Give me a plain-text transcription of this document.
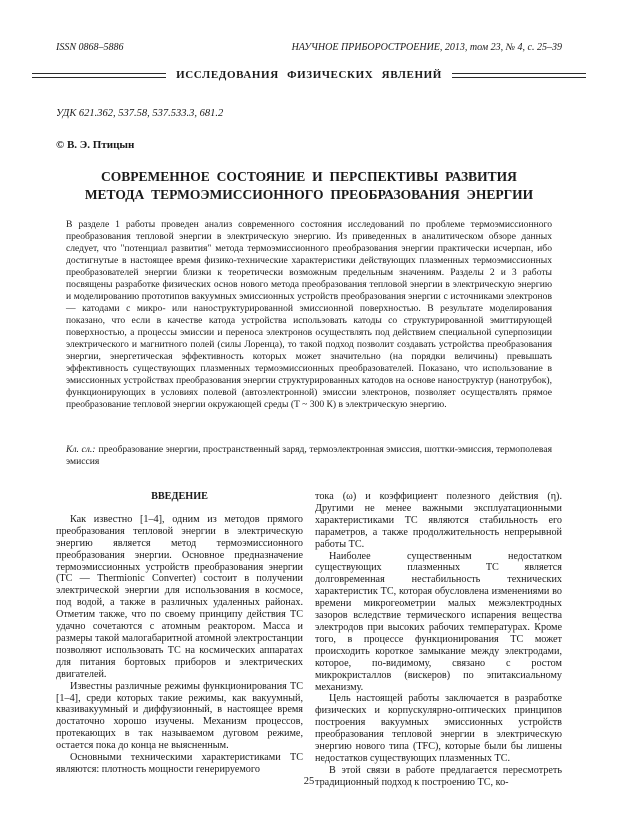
ISSN 0868–5886	НАУЧНОЕ ПРИБОРОСТРОЕНИЕ, 2013, том 23, № 4, с. 25–39
ИССЛЕДОВАНИЯ ФИЗИЧЕСКИХ ЯВЛЕНИЙ
УДК 621.362, 537.58, 537.533.3, 681.2
© В. Э. Птицын
СОВРЕМЕННОЕ СОСТОЯНИЕ И ПЕРСПЕКТИВЫ РАЗВИТИЯ
МЕТОДА ТЕРМОЭМИССИОННОГО ПРЕОБРАЗОВАНИЯ ЭНЕРГИИ
В разделе 1 работы проведен анализ современного состояния исследований по проблеме термоэмиссионного преобразования тепловой энергии в электрическую энергию. Из приведенных в аналитическом обзоре данных следует, что "потенциал развития" метода термоэмиссионного преобразования энергии практически исчерпан, ибо достигнутые в настоящее время физико-технические характеристики действующих плазменных термоэмиссионных преобразователей энергии близки к теоретически возможным предельным значениям. Разделы 2 и 3 работы посвящены разработке физических основ нового метода преобразования тепловой энергии в электрическую энергию и моделированию прототипов вакуумных эмиссионных устройств преобразования энергии с источниками электронов — катодами с микро- или наноструктурированной эмиссионной поверхностью. В результате моделирования показано, что если в качестве катода устройства использовать катоды со структурированной эмиттирующей поверхностью, а процессы эмиссии и переноса электронов осуществлять под действием специальной суперпозиции электрического и магнитного полей (силы Лоренца), то такой подход позволит создавать устройства преобразования энергии, энергетическая эффективность которых может значительно (на порядки величины) превышать эффективность существующих плазменных термоэмиссионных преобразователей. Показано, что использование в эмиссионных устройствах преобразования энергии структурированных катодов на основе наноструктур (нанотрубок), функционирующих в условиях полевой (автоэлектронной) эмиссии электронов, позволяет осуществлять прямое преобразование тепловой энергии окружающей среды (T ~ 300 К) в электрическую энергию.
Кл. сл.: преобразование энергии, пространственный заряд, термоэлектронная эмиссия, шоттки-эмиссия, термополевая эмиссия
ВВЕДЕНИЕ

Как известно [1–4], одним из методов прямого преобразования тепловой энергии в электрическую энергию является метод термоэмиссионного преобразования энергии. Основное предназначение термоэмиссионных устройств преобразования энергии (ТС — Thermionic Converter) состоит в получении электрической энергии для использования в космосе, под водой, а также в различных удаленных районах. Отметим также, что по своему принципу действия ТС удачно сочетаются с атомным реактором. Масса и размеры такой малогабаритной атомной электростанции позволяют использовать ТС на космических аппаратах для питания бортовых приборов и электрических двигателей.

Известны различные режимы функционирования ТС [1–4], среди которых такие режимы, как вакуумный, квазивакуумный и диффузионный, в настоящее время достаточно хорошо изучены. Механизм процессов, протекающих в так называемом дуговом режиме, остается пока до конца не выясненным.

Основными техническими характеристиками ТС являются: плотность мощности генерируемого

тока (ω) и коэффициент полезного действия (η). Другими не менее важными эксплуатационными характеристиками ТС являются стабильность его параметров, а также продолжительность непрерывной работы ТС.

Наиболее существенным недостатком существующих плазменных ТС является долговременная нестабильность технических характеристик ТС, которая обусловлена изменениями во времени микрогеометрии малых межэлектродных зазоров вследствие термического испарения вещества электродов при высоких рабочих температурах. Кроме того, в процессе функционирования ТС может происходить короткое замыкание между электродами, которое, по-видимому, связано с ростом микрокристаллов (вискеров) по эпитаксиальному механизму.

Цель настоящей работы заключается в разработке физических и корпускулярно-оптических принципов построения вакуумных эмиссионных устройств преобразования тепловой энергии в электрическую энергию нового типа (TFC), которые были бы лишены недостатков существующих плазменных ТС.

В этой связи в работе предлагается пересмотреть традиционный подход к построению ТС, ко-

25
